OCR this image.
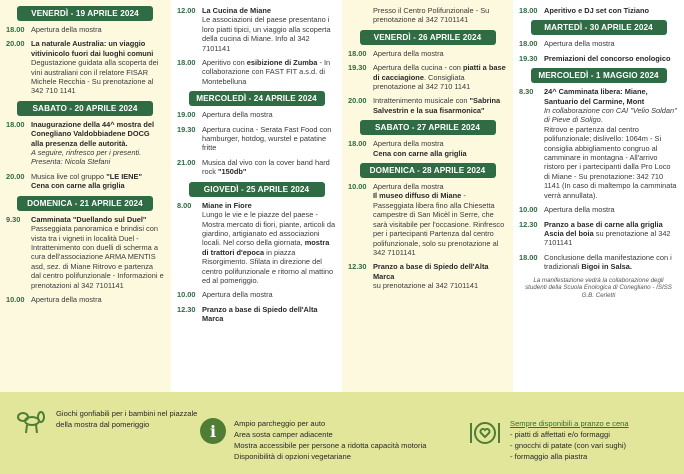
VENERDÌ - 19 APRILE 2024
18.00 Apertura della mostra
20.00 La naturale Australia: un viaggio vitivinicolo fuori dai luoghi comuni
Degustazione guidata alla scoperta dei vini australiani con il relatore FISAR Michele Recchia - Su prenotazione al 342 710 1141
SABATO - 20 APRILE 2024
18.00 Inaugurazione della 44^ mostra del Conegliano Valdobbiadene DOCG alla presenza delle autorità.
A seguire, rinfresco per i presenti. Presenta: Nicola Stefani
20.00 Musica live col gruppo "LE IENE"
Cena con carne alla griglia
DOMENICA - 21 APRILE 2024
9.30	Camminata "Duellando sul Duel"
Passeggiata panoramica e brindisi con vista tra i vigneti in località Duel - Intrattenimento con duelli di scherma a cura dell'associazione ARMA MENTIS asd, sez. di Miane Ritrovo e partenza dal centro polifunzionale - Informazioni e prenotazioni al 342 7101141
10.00 Apertura della mostra
12.00 La Cucina de Miane
Le associazioni del paese presentano i loro piatti tipici, un viaggio alla scoperta della cucina di Miane. Info al 342 7101141
18.00 Aperitivo con esibizione di Zumba - In collaborazione con FAST FIT a.s.d. di Montebelluna
MERCOLEDÌ - 24 APRILE 2024
19.00 Apertura della mostra
19.30 Apertura cucina - Serata Fast Food con hamburger, hotdog, wurstel e patatine fritte
21.00 Musica dal vivo con la cover band hard rock "150db"
GIOVEDÌ - 25 APRILE 2024
8.00	Miane in Fiore
Lungo le vie e le piazze del paese - Mostra mercato di fiori, piante, articoli da giardino, artigianato ed associazioni locali. Nel corso della giornata, mostra di trattori d'epoca in piazza Risorgimento. Sfilata in direzione del centro polifunzionale e ritorno al mattino ed al pomeriggio.
10.00 Apertura della mostra
12.30 Pranzo a base di Spiedo dell'Alta Marca
Presso il Centro Polifunzionale - Su prenotazione al 342 7101141
VENERDÌ - 26 APRILE 2024
18.00 Apertura della mostra
19.30 Apertura della cucina - con piatti a base di cacciagione. Consigliata prenotazione al 342 710 1141
20.00 Intrattenimento musicale con "Sabrina Salvestrin e la sua fisarmonica"
SABATO - 27 APRILE 2024
18.00 Apertura della mostra
Cena con carne alla griglia
DOMENICA - 28 APRILE 2024
10.00 Apertura della mostra
Il museo diffuso di Miane - Passeggiata libera fino alla Chiesetta campestre di San Micèl in Serre, che sarà visitabile per l'occasione. Rinfresco per i partecipanti Partenza dal centro polifunzionale, solo su prenotazione al 342 7101141
12.30 Pranzo a base di Spiedo dell'Alta Marca
su prenotazione al 342 7101141
18.00 Aperitivo e DJ set con Tiziano
MARTEDÌ - 30 APRILE 2024
18.00 Apertura della mostra
19.30 Premiazioni del concorso enologico
MERCOLEDÌ - 1 MAGGIO 2024
8.30	24^ Camminata libera: Miane, Santuario del Carmine, Mont
In collaborazione con CAI "Velio Soldan" di Pieve di Soligo.
Ritrovo e partenza dal centro polifunzionale; dislivello: 1064m - Si consiglia abbigliamento congruo al camminare in montagna - All'arrivo ristoro per i partecipanti dalla Pro Loco di Miane - Su prenotazione: 342 710 1141 (In caso di maltempo la camminata verrà annullata).
10.00 Apertura della mostra
12.30 Pranzo a base di carne alla griglia
Ascia del boia su prenotazione al 342 7101141
18.00 Conclusione della manifestazione con i tradizionali Bigoi in Salsa.
La manifestazione vedrà la collaborazione degli studenti della Scuola Enologica di Conegliano - ISISS G.B. Cerletti
Giochi gonfiabili per i bambini nel piazzale della mostra dal pomeriggio	i	Ampio parcheggio per auto
Area sosta camper adiacente
Mostra accessibile per persone a ridotta capacità motoria
Disponibilità di opzioni vegetariane
Sempre disponibili a pranzo e cena
- piatti di affettati e/o formaggi
- gnocchi di patate (con vari sughi)
- formaggio alla piastra
